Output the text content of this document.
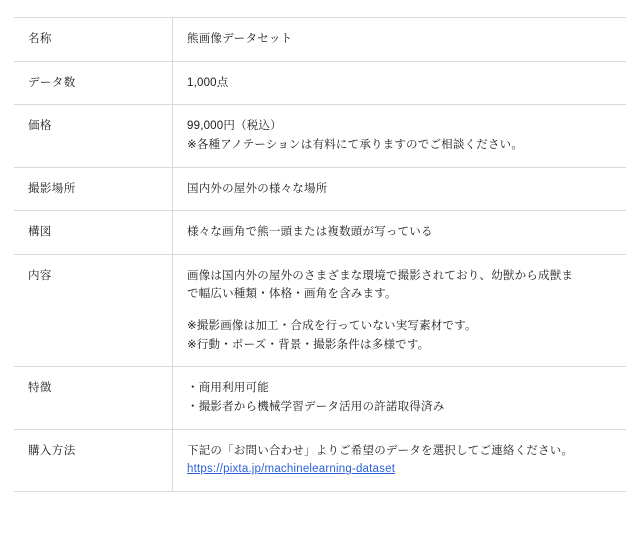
名称	熊画像データセット

データ数	1,000点

価格	99,000円（税込）
※各種アノテーションは有料にて承りますのでご相談ください。

撮影場所	国内外の屋外の様々な場所

構図	様々な画角で熊一頭または複数頭が写っている

内容	画像は国内外の屋外のさまざまな環境で撮影されており、幼獣から成獣ま
で幅広い種類・体格・画角を含みます。
※撮影画像は加工・合成を行っていない実写素材です。
※行動・ポーズ・背景・撮影条件は多様です。

特徴	・商用利用可能
・撮影者から機械学習データ活用の許諾取得済み

購入方法	下記の「お問い合わせ」よりご希望のデータを選択してご連絡ください。
https://pixta.jp/machinelearning-dataset
